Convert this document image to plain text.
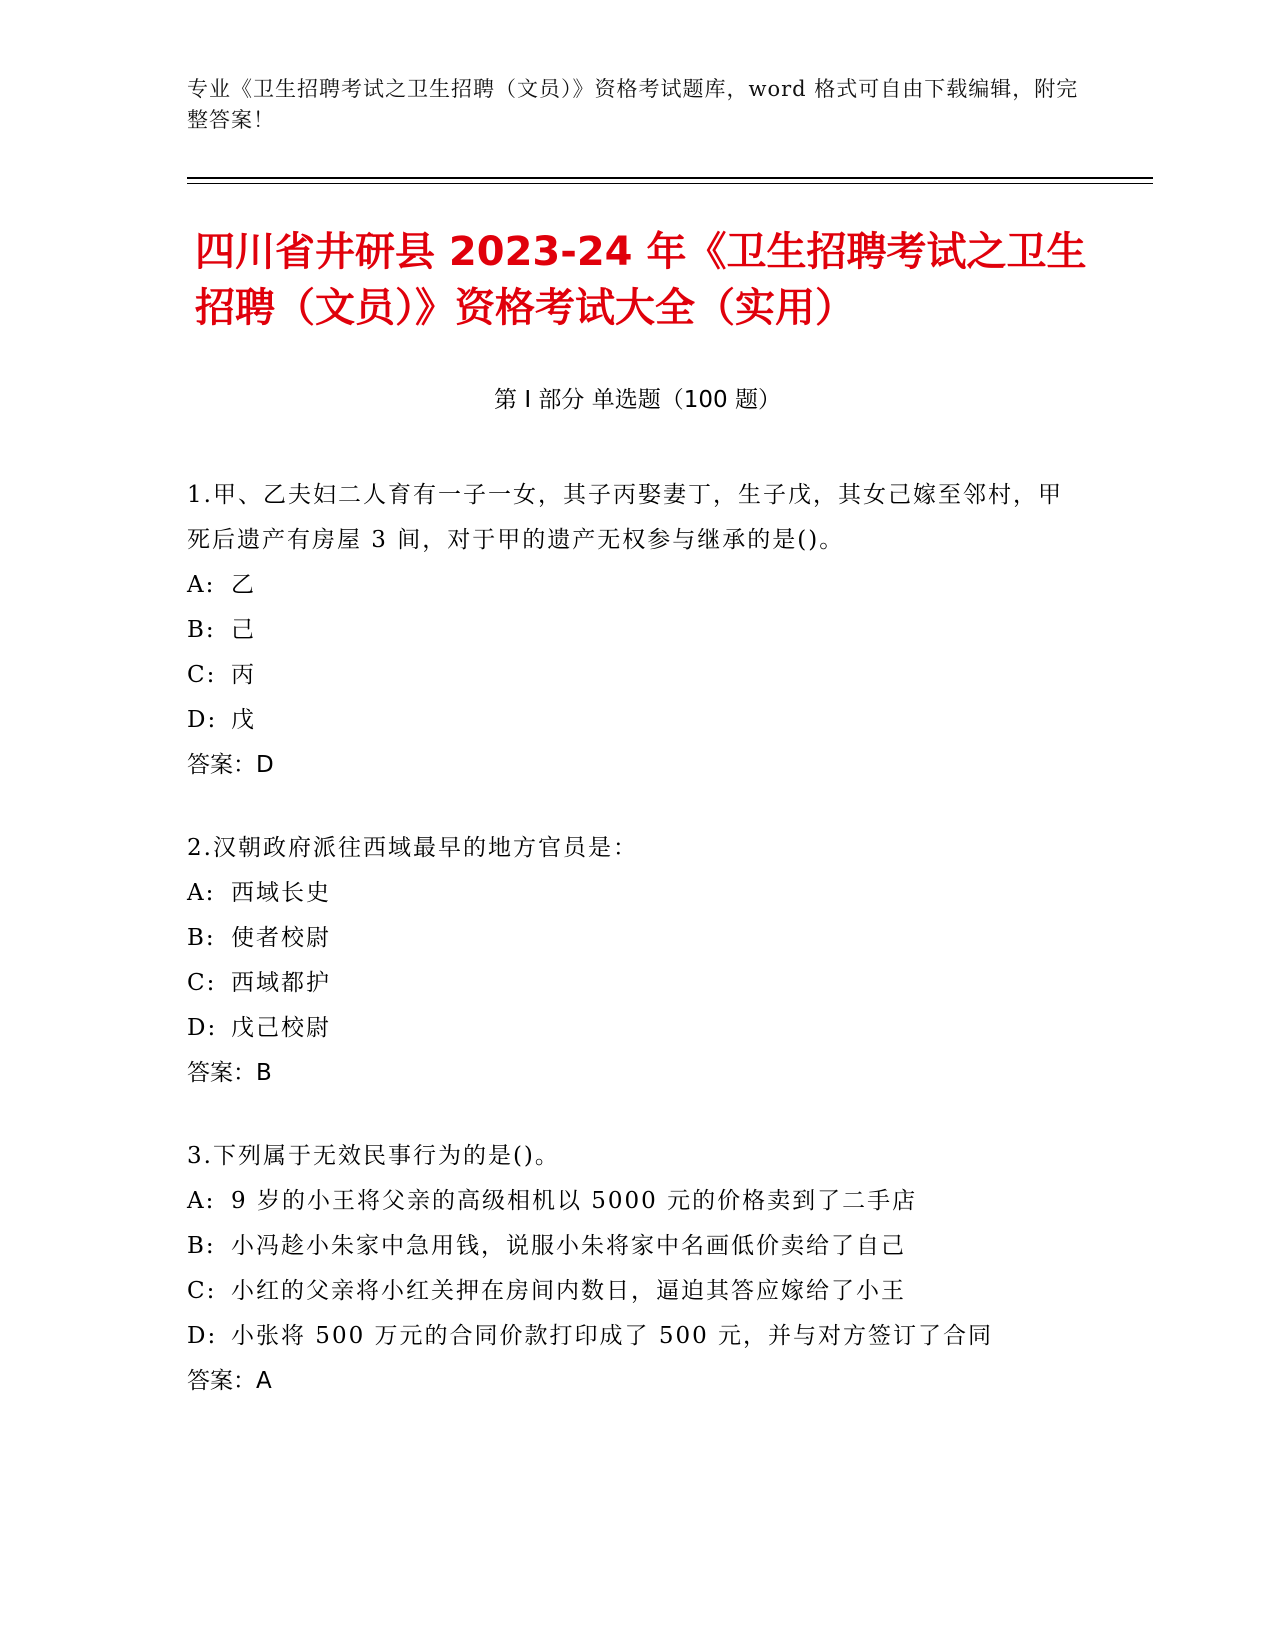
专业《卫生招聘考试之卫生招聘（文员）》资格考试题库，word 格式可自由下载编辑，附完整答案！
四川省井研县 2023-24 年《卫生招聘考试之卫生招聘（文员）》资格考试大全（实用）
第 I 部分 单选题（100 题）

1.甲、乙夫妇二人育有一子一女，其子丙娶妻丁，生子戊，其女己嫁至邻村，甲死后遗产有房屋 3 间，对于甲的遗产无权参与继承的是()。

A: 乙

B: 己

C: 丙

D: 戊

答案：D

2.汉朝政府派往西域最早的地方官员是：

A: 西域长史

B: 使者校尉

C: 西域都护

D: 戊己校尉

答案：B

3.下列属于无效民事行为的是()。

A: 9 岁的小王将父亲的高级相机以 5000 元的价格卖到了二手店

B: 小冯趁小朱家中急用钱，说服小朱将家中名画低价卖给了自己

C: 小红的父亲将小红关押在房间内数日，逼迫其答应嫁给了小王

D: 小张将 500 万元的合同价款打印成了 500 元，并与对方签订了合同

答案：A
